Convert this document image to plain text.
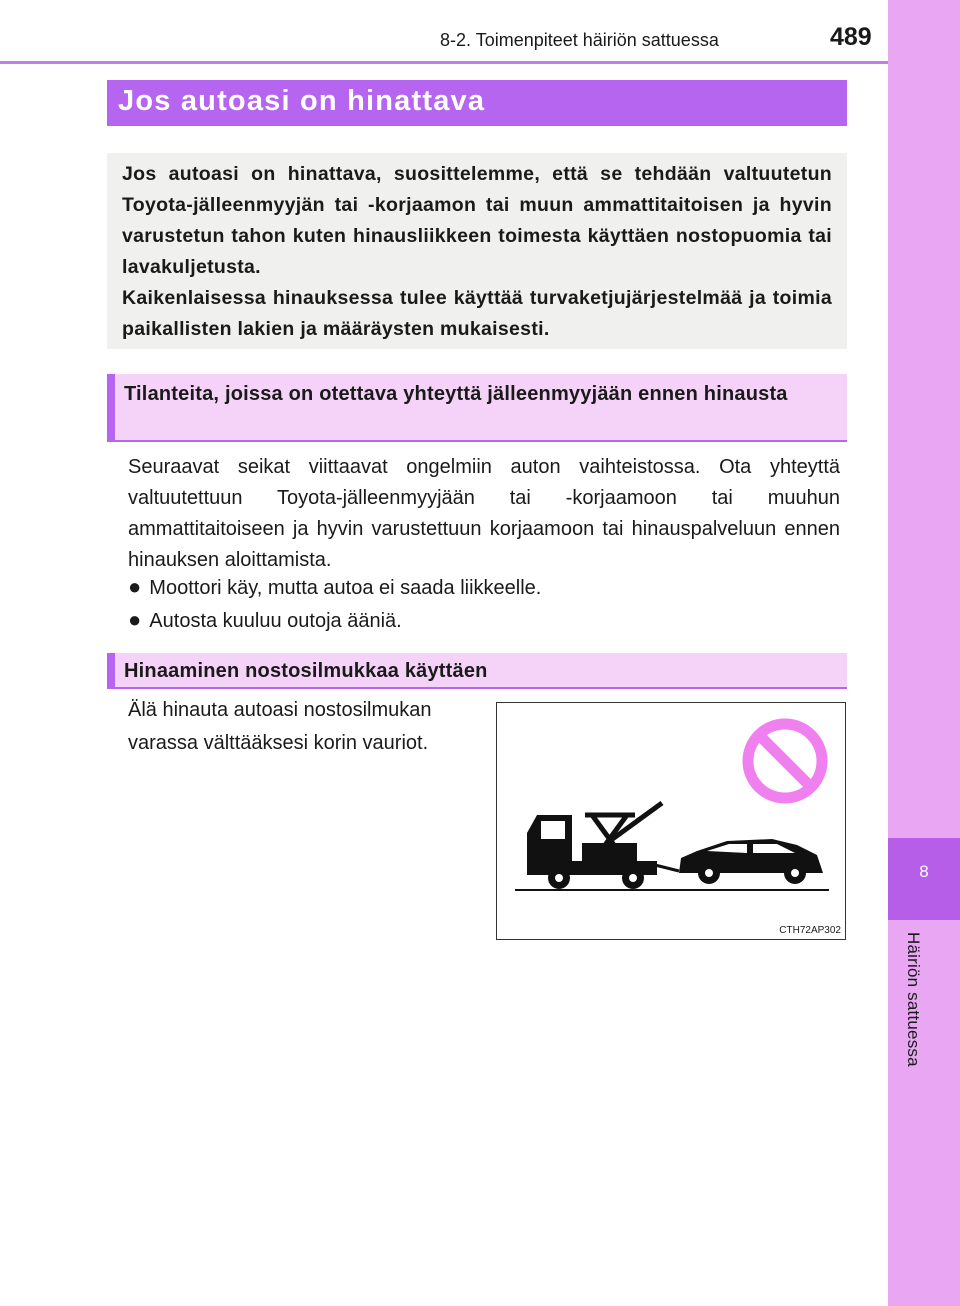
8
Häiriön sattuessa
8-2. Toimenpiteet häiriön sattuessa	489
Jos autoasi on hinattava

Jos autoasi on hinattava, suosittelemme, että se tehdään valtuutetun Toyota-jälleenmyyjän tai -korjaamon tai muun ammattitaitoisen ja hyvin varustetun tahon kuten hinausliikkeen toimesta käyttäen nostopuomia tai lavakuljetusta.

Kaikenlaisessa hinauksessa tulee käyttää turvaketjujärjestelmää ja toimia paikallisten lakien ja määräysten mukaisesti.

Tilanteita, joissa on otettava yhteyttä jälleenmyyjään ennen hinausta
Seuraavat seikat viittaavat ongelmiin auton vaihteistossa. Ota yhteyttä valtuutettuun Toyota-jälleenmyyjään tai -korjaamoon tai muuhun ammattitaitoiseen ja hyvin varustettuun korjaamoon tai hinauspalveluun ennen hinauksen aloittamista.
● Moottori käy, mutta autoa ei saada liikkeelle.
● Autosta kuuluu outoja ääniä.
Hinaaminen nostosilmukkaa käyttäen
Älä hinauta autoasi nostosilmukan varassa välttääksesi korin vauriot.
CTH72AP302
